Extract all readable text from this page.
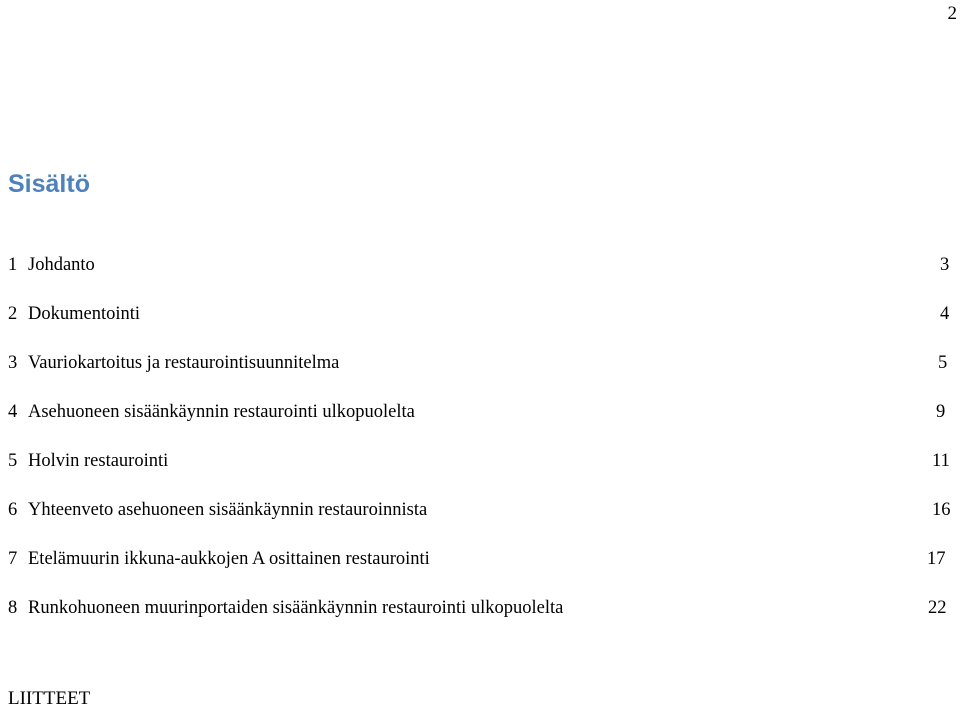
2
Sisältö
1 Johdanto	3
2 Dokumentointi	4
3 Vauriokartoitus ja restaurointisuunnitelma	5
4 Asehuoneen sisäänkäynnin restaurointi ulkopuolelta	9
5 Holvin restaurointi	11
6 Yhteenveto asehuoneen sisäänkäynnin restauroinnista	16
7 Etelämuurin ikkuna-aukkojen A osittainen restaurointi	17
8 Runkohuoneen muurinportaiden sisäänkäynnin restaurointi ulkopuolelta	22
LIITTEET
